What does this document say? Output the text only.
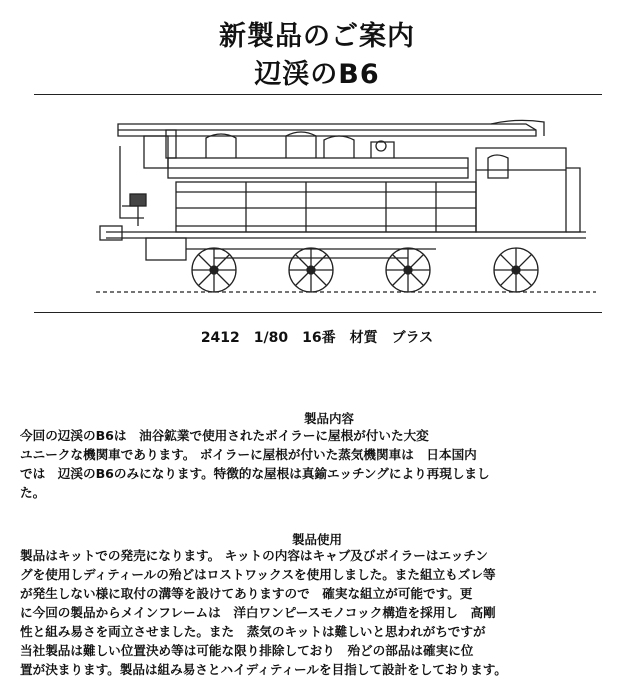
新製品のご案内
辺渓のB6
2412　1/80　16番　材質　ブラス
製品内容
今回の辺渓のB6は　油谷鉱業で使用されたボイラーに屋根が付いた大変
ユニークな機関車であります。 ボイラーに屋根が付いた蒸気機関車は　日本国内
では　辺渓のB6のみになります。特徴的な屋根は真鍮エッチングにより再現しまし
た。
製品使用
製品はキットでの発売になります。 キットの内容はキャブ及びボイラーはエッチン
グを使用しディティールの殆どはロストワックスを使用しました。また組立もズレ等
が発生しない様に取付の溝等を設けてありますので　確実な組立が可能です。更
に今回の製品からメインフレームは　洋白ワンピースモノコック構造を採用し　高剛
性と組み易さを両立させました。また　蒸気のキットは難しいと思われがちですが
当社製品は難しい位置決め等は可能な限り排除しており　殆どの部品は確実に位
置が決まります。製品は組み易さとハイディティールを目指して設計をしております。
